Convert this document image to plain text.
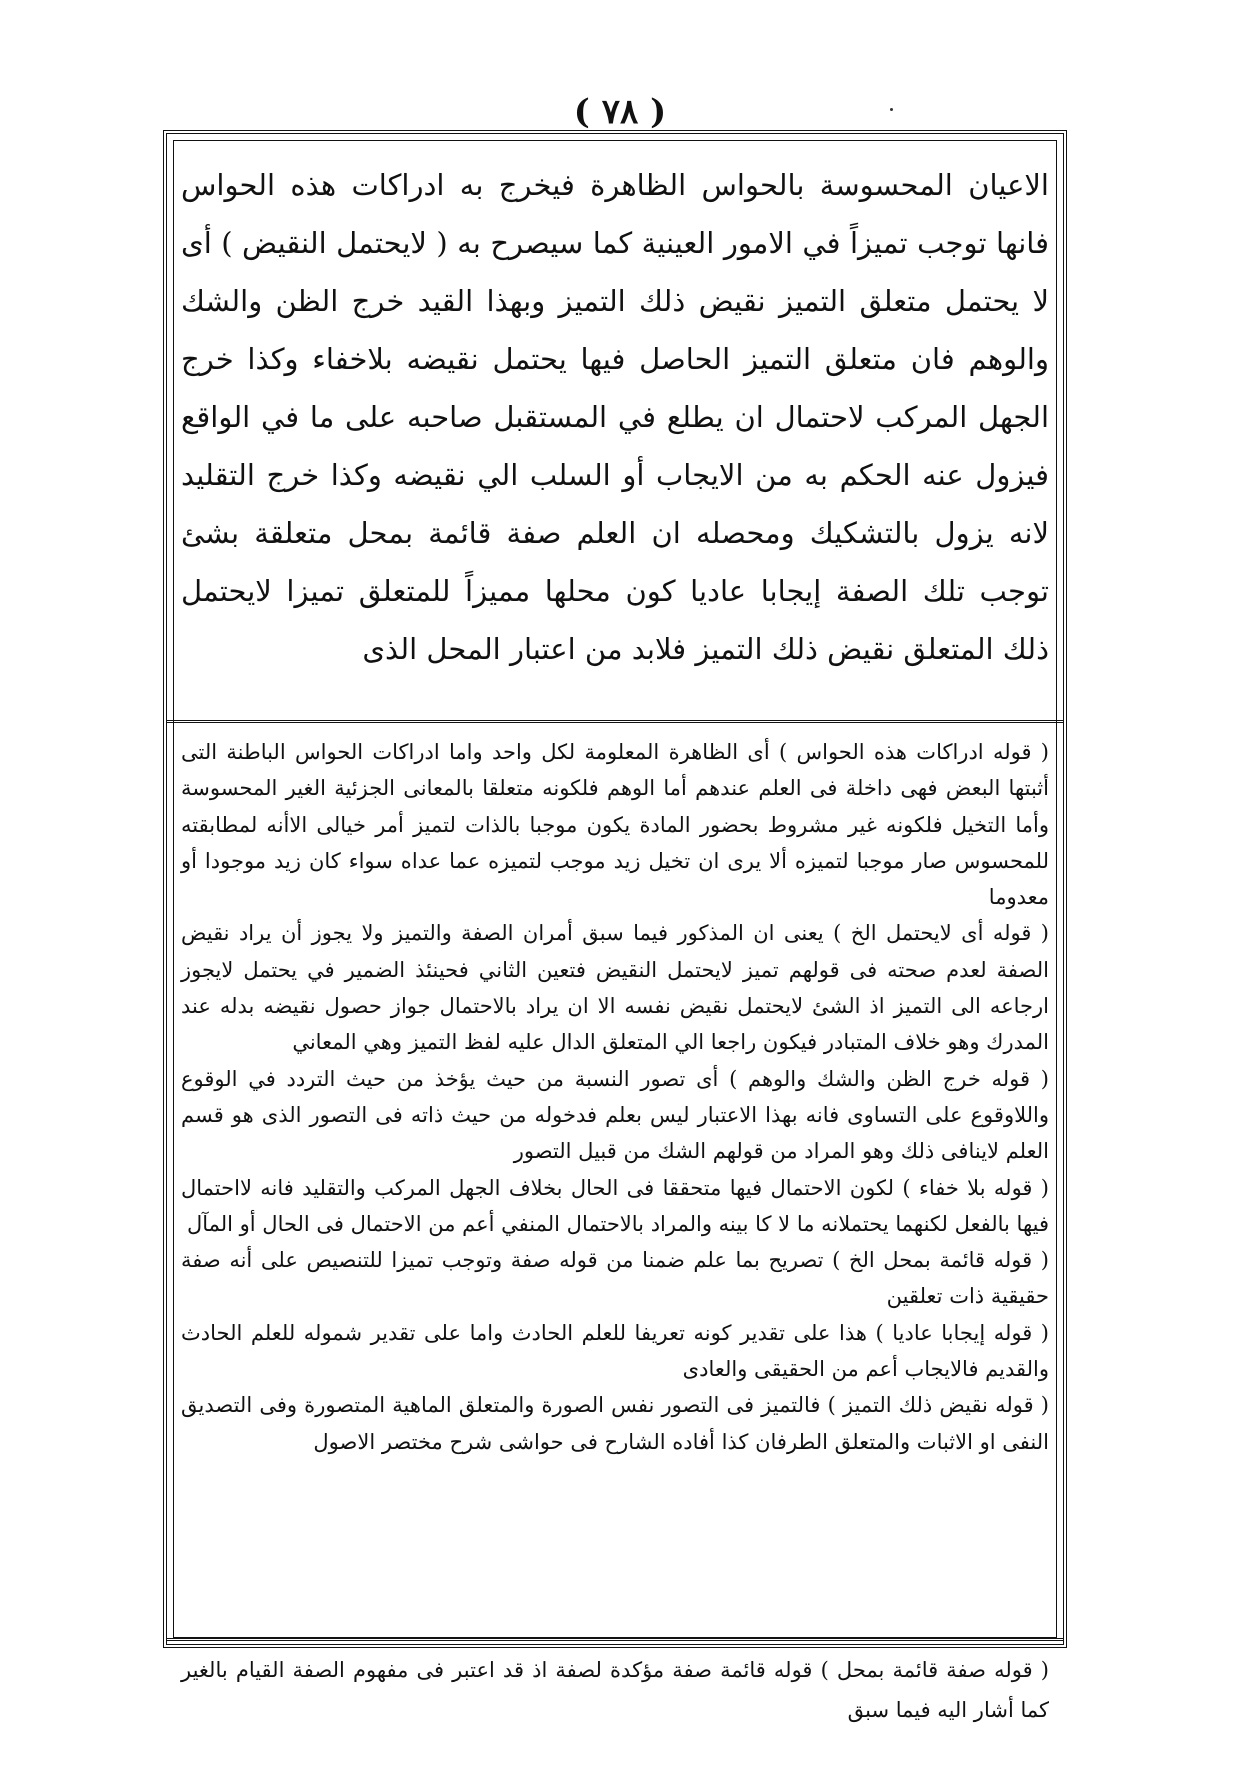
( ٧٨ )

الاعيان المحسوسة بالحواس الظاهرة فيخرج به ادراكات هذه الحواس فانها توجب تميزاً في الامور العينية كما سيصرح به ( لايحتمل النقيض ) أى لا يحتمل متعلق التميز نقيض ذلك التميز وبهذا القيد خرج الظن والشك والوهم فان متعلق التميز الحاصل فيها يحتمل نقيضه بلاخفاء وكذا خرج الجهل المركب لاحتمال ان يطلع في المستقبل صاحبه على ما في الواقع فيزول عنه الحكم به من الايجاب أو السلب الي نقيضه وكذا خرج التقليد لانه يزول بالتشكيك ومحصله ان العلم صفة قائمة بمحل متعلقة بشئ توجب تلك الصفة إيجابا عاديا كون محلها مميزاً للمتعلق تميزا لايحتمل ذلك المتعلق نقيض ذلك التميز فلابد من اعتبار المحل الذى

( قوله ادراكات هذه الحواس ) أى الظاهرة المعلومة لكل واحد واما ادراكات الحواس الباطنة التى أثبتها البعض فهى داخلة فى العلم عندهم أما الوهم فلكونه متعلقا بالمعانى الجزئية الغير المحسوسة وأما التخيل فلكونه غير مشروط بحضور المادة يكون موجبا بالذات لتميز أمر خيالى الاأنه لمطابقته للمحسوس صار موجبا لتميزه ألا يرى ان تخيل زيد موجب لتميزه عما عداه سواء كان زيد موجودا أو معدوما

( قوله أى لايحتمل الخ ) يعنى ان المذكور فيما سبق أمران الصفة والتميز ولا يجوز أن يراد نقيض الصفة لعدم صحته فى قولهم تميز لايحتمل النقيض فتعين الثاني فحينئذ الضمير في يحتمل لايجوز ارجاعه الى التميز اذ الشئ لايحتمل نقيض نفسه الا ان يراد بالاحتمال جواز حصول نقيضه بدله عند المدرك وهو خلاف المتبادر فيكون راجعا الي المتعلق الدال عليه لفظ التميز وهي المعاني

( قوله خرج الظن والشك والوهم ) أى تصور النسبة من حيث يؤخذ من حيث التردد في الوقوع واللاوقوع على التساوى فانه بهذا الاعتبار ليس بعلم فدخوله من حيث ذاته فى التصور الذى هو قسم العلم لاينافى ذلك وهو المراد من قولهم الشك من قبيل التصور

( قوله بلا خفاء ) لكون الاحتمال فيها متحققا فى الحال بخلاف الجهل المركب والتقليد فانه لااحتمال فيها بالفعل لكنهما يحتملانه ما لا كا بينه والمراد بالاحتمال المنفي أعم من الاحتمال فى الحال أو المآل

( قوله قائمة بمحل الخ ) تصريح بما علم ضمنا من قوله صفة وتوجب تميزا للتنصيص على أنه صفة حقيقية ذات تعلقين

( قوله إيجابا عاديا ) هذا على تقدير كونه تعريفا للعلم الحادث واما على تقدير شموله للعلم الحادث والقديم فالايجاب أعم من الحقيقى والعادى

( قوله نقيض ذلك التميز ) فالتميز فى التصور نفس الصورة والمتعلق الماهية المتصورة وفى التصديق النفى او الاثبات والمتعلق الطرفان كذا أفاده الشارح فى حواشى شرح مختصر الاصول

( قوله صفة قائمة بمحل ) قوله قائمة صفة مؤكدة لصفة اذ قد اعتبر فى مفهوم الصفة القيام بالغير كما أشار اليه فيما سبق
